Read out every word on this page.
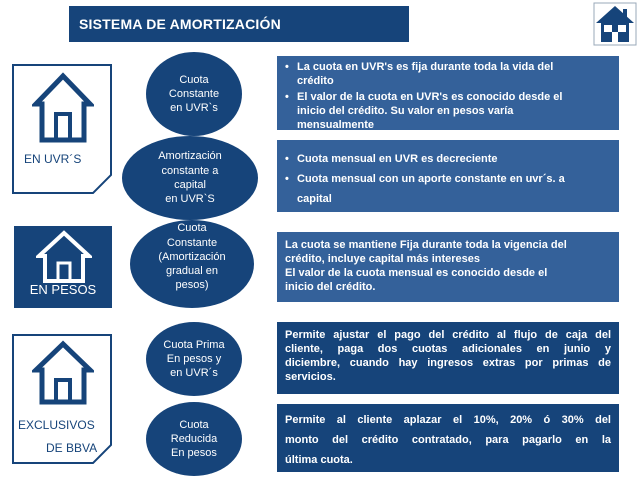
SISTEMA DE AMORTIZACIÓN
EN UVR´S
EN PESOS
EXCLUSIVOS
DE BBVA
Cuota
Constante
en UVR`s
Amortización
constante a
capital
en UVR`S
Cuota
Constante
(Amortización
gradual en
pesos)
Cuota Prima
En pesos y
en UVR´s
Cuota
Reducida
En pesos
• La cuota en UVR's es fija durante toda la vida del
crédito
• El valor de la cuota en UVR's es conocido desde el
inicio del crédito. Su valor en pesos varía
mensualmente
• Cuota mensual en UVR es decreciente
• Cuota mensual con un aporte constante en uvr´s. a
capital
La cuota se mantiene Fija durante toda la vigencia del
crédito, incluye capital más intereses
El valor de la cuota mensual es conocido desde el
inicio del crédito.
Permite ajustar el pago del crédito al flujo de caja del
cliente, paga dos cuotas adicionales en junio y
diciembre, cuando hay ingresos extras por primas de
servicios.
Permite al cliente aplazar el 10%, 20% ó 30% del
monto del crédito contratado, para pagarlo en la
última cuota.
